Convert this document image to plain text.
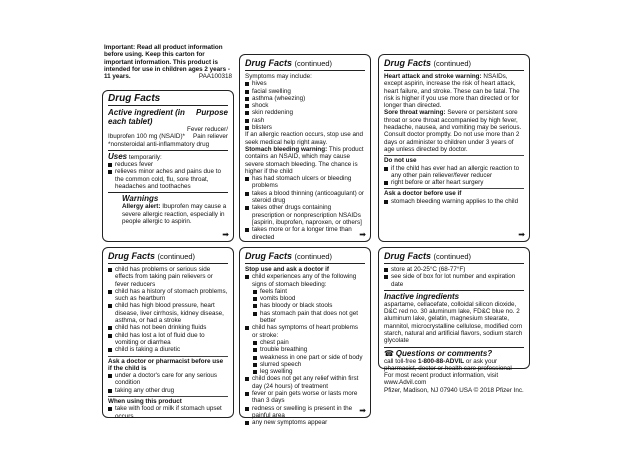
Important: Read all product information before using. Keep this carton for important information. This product is intended for use in children ages 2 years - 11 years.	PAA100318
Drug Facts
Active ingredient (in each tablet)
Purpose
Fever reducer/
Ibuprofen 100 mg (NSAID)* Pain reliever
*nonsteroidal anti-inflammatory drug
Uses temporarily:
reduces fever
relieves minor aches and pains due to the common cold, flu, sore throat, headaches and toothaches
Warnings
Allergy alert: Ibuprofen may cause a severe allergic reaction, especially in people allergic to aspirin.
➡
Drug Facts (continued)
Symptoms may include:
hives
facial swelling
asthma (wheezing)
shock
skin reddening
rash
blisters
If an allergic reaction occurs, stop use and seek medical help right away.
Stomach bleeding warning: This product contains an NSAID, which may cause severe stomach bleeding. The chance is higher if the child
has had stomach ulcers or bleeding problems
takes a blood thinning (anticoagulant) or steroid drug
takes other drugs containing prescription or nonprescription NSAIDs [aspirin, ibuprofen, naproxen, or others]
takes more or for a longer time than directed	➡
Drug Facts (continued)
Heart attack and stroke warning: NSAIDs, except aspirin, increase the risk of heart attack, heart failure, and stroke. These can be fatal. The risk is higher if you use more than directed or for longer than directed.
Sore throat warning: Severe or persistent sore throat or sore throat accompanied by high fever, headache, nausea, and vomiting may be serious. Consult doctor promptly. Do not use more than 2 days or administer to children under 3 years of age unless directed by doctor.
Do not use
if the child has ever had an allergic reaction to any other pain reliever/fever reducer
right before or after heart surgery
Ask a doctor before use if
stomach bleeding warning applies to the child
➡
Drug Facts (continued)
child has problems or serious side effects from taking pain relievers or fever reducers
child has a history of stomach problems, such as heartburn
child has high blood pressure, heart disease, liver cirrhosis, kidney disease, asthma, or had a stroke
child has not been drinking fluids
child has lost a lot of fluid due to vomiting or diarrhea
child is taking a diuretic
Ask a doctor or pharmacist before use if the child is
under a doctor's care for any serious condition
taking any other drug
When using this product
take with food or milk if stomach upset occurs
Drug Facts (continued)
Stop use and ask a doctor if
child experiences any of the following signs of stomach bleeding:
feels faint
vomits blood
has bloody or black stools
has stomach pain that does not get better
child has symptoms of heart problems or stroke:
chest pain
trouble breathing
weakness in one part or side of body
slurred speech
leg swelling
child does not get any relief within first day (24 hours) of treatment
fever or pain gets worse or lasts more than 3 days
redness or swelling is present in the painful area
any new symptoms appear
➡
Drug Facts (continued)
store at 20-25°C (68-77°F)
see side of box for lot number and expiration date
Inactive ingredients
aspartame, cellacefate, colloidal silicon dioxide, D&C red no. 30 aluminum lake, FD&C blue no. 2 aluminum lake, gelatin, magnesium stearate, mannitol, microcrystalline cellulose, modified corn starch, natural and artificial flavors, sodium starch glycolate
☎ Questions or comments?
call toll-free 1-800-88-ADVIL or ask your pharmacist, doctor or health care professional
For most recent product information, visit www.Advil.com
Pfizer, Madison, NJ 07940 USA © 2018 Pfizer Inc.
